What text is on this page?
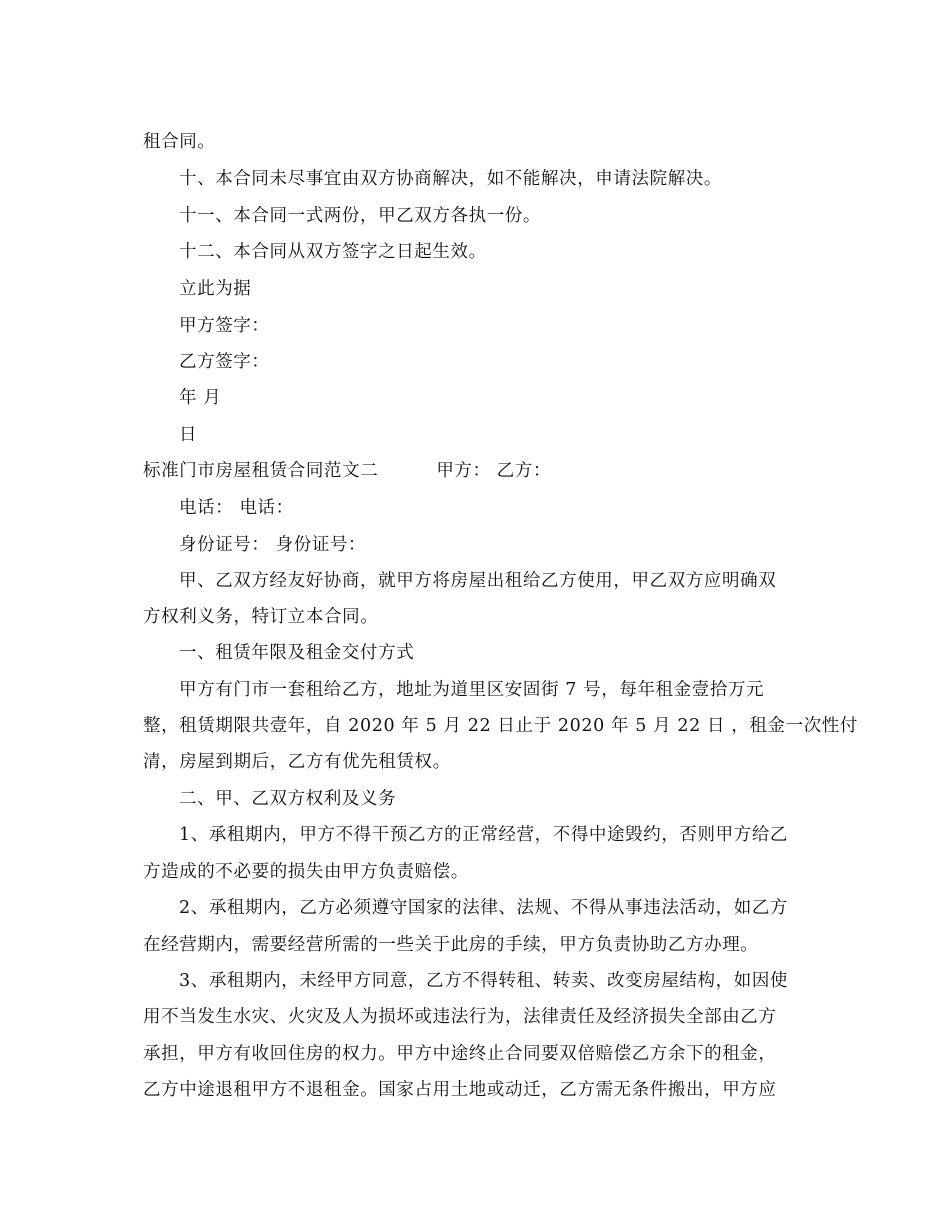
租合同。
十、本合同未尽事宜由双方协商解决，如不能解决，申请法院解决。
十一、本合同一式两份，甲乙双方各执一份。
十二、本合同从双方签字之日起生效。
立此为据
甲方签字：
乙方签字：
年 月
日
标准门市房屋租赁合同范文二	甲方： 乙方：
电话： 电话：
身份证号： 身份证号：
甲、乙双方经友好协商，就甲方将房屋出租给乙方使用，甲乙双方应明确双
方权利义务，特订立本合同。
一、租赁年限及租金交付方式
甲方有门市一套租给乙方，地址为道里区安固街 7 号，每年租金壹拾万元
整，租赁期限共壹年，自 2020 年 5 月 22 日止于 2020 年 5 月 22 日 ，租金一次性付
清，房屋到期后，乙方有优先租赁权。
二、甲、乙双方权利及义务
1、承租期内，甲方不得干预乙方的正常经营，不得中途毁约，否则甲方给乙
方造成的不必要的损失由甲方负责赔偿。
2、承租期内，乙方必须遵守国家的法律、法规、不得从事违法活动，如乙方
在经营期内，需要经营所需的一些关于此房的手续，甲方负责协助乙方办理。
3、承租期内，未经甲方同意，乙方不得转租、转卖、改变房屋结构，如因使
用不当发生水灾、火灾及人为损坏或违法行为，法律责任及经济损失全部由乙方
承担，甲方有收回住房的权力。甲方中途终止合同要双倍赔偿乙方余下的租金，
乙方中途退租甲方不退租金。国家占用土地或动迁，乙方需无条件搬出，甲方应
